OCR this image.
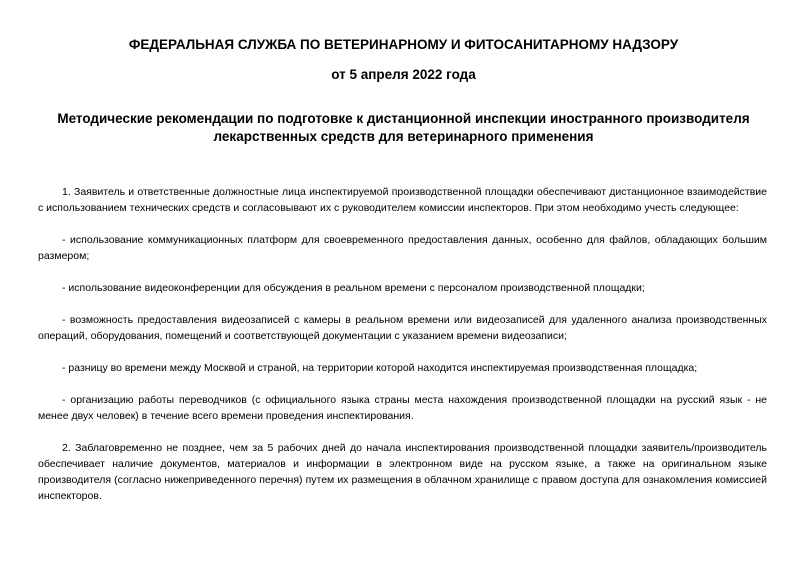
ФЕДЕРАЛЬНАЯ СЛУЖБА ПО ВЕТЕРИНАРНОМУ И ФИТОСАНИТАРНОМУ НАДЗОРУ
от 5 апреля 2022 года
Методические рекомендации по подготовке к дистанционной инспекции иностранного производителя
лекарственных средств для ветеринарного применения

1. Заявитель и ответственные должностные лица инспектируемой производственной площадки обеспечивают дистанционное взаимодействие с использованием технических средств и согласовывают их с руководителем комиссии инспекторов. При этом необходимо учесть следующее:

- использование коммуникационных платформ для своевременного предоставления данных, особенно для файлов, обладающих большим размером;

- использование видеоконференции для обсуждения в реальном времени с персоналом производственной площадки;

- возможность предоставления видеозаписей с камеры в реальном времени или видеозаписей для удаленного анализа производственных операций, оборудования, помещений и соответствующей документации с указанием времени видеозаписи;

- разницу во времени между Москвой и страной, на территории которой находится инспектируемая производственная площадка;

- организацию работы переводчиков (с официального языка страны места нахождения производственной площадки на русский язык - не менее двух человек) в течение всего времени проведения инспектирования.

2. Заблаговременно не позднее, чем за 5 рабочих дней до начала инспектирования производственной площадки заявитель/производитель обеспечивает наличие документов, материалов и информации в электронном виде на русском языке, а также на оригинальном языке производителя (согласно нижеприведенного перечня) путем их размещения в облачном хранилище с правом доступа для ознакомления комиссией инспекторов.
